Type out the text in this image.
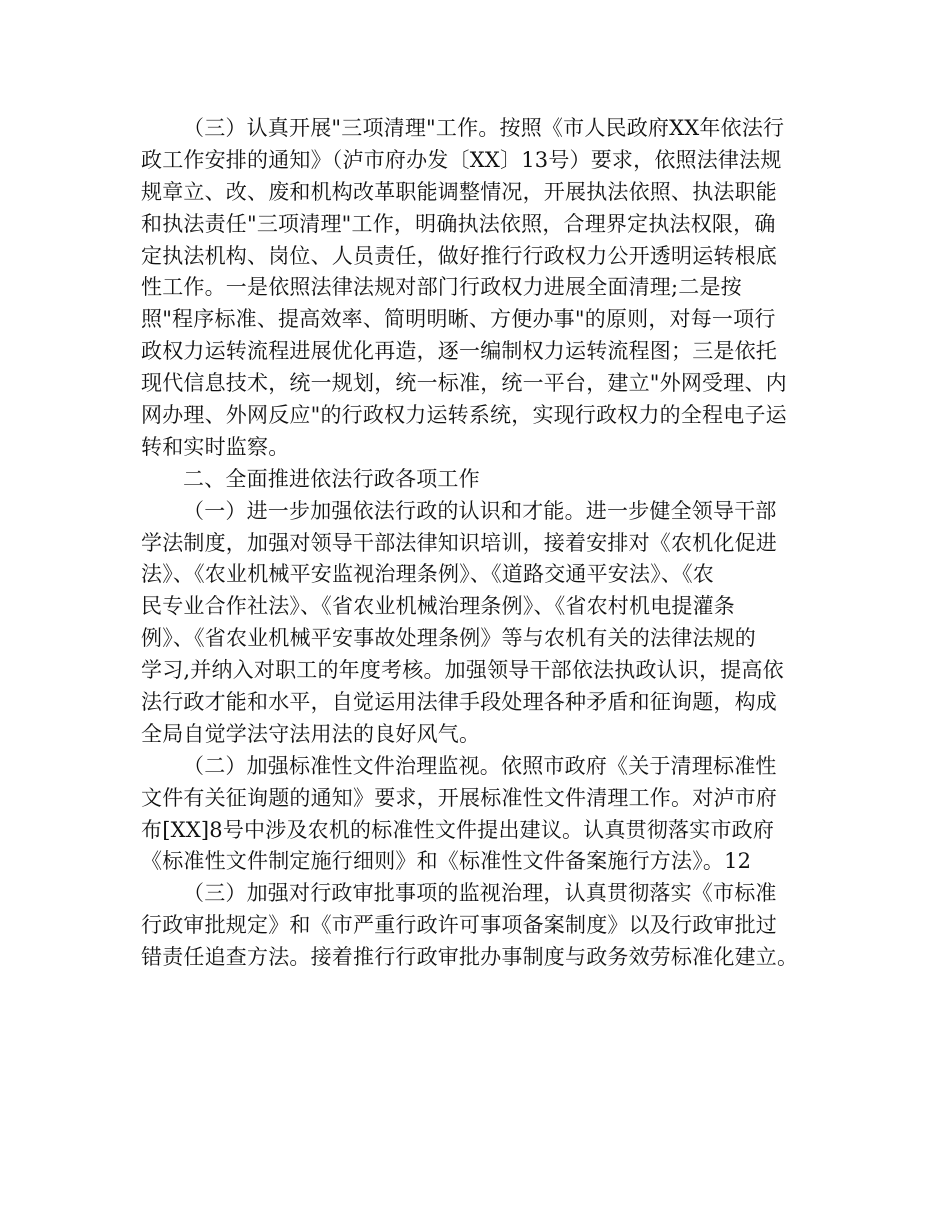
（三）认真开展"三项清理"工作。按照《市人民政府XX年依法行
政工作安排的通知》（泸市府办发〔XX〕13号）要求，依照法律法规
规章立、改、废和机构改革职能调整情况，开展执法依照、执法职能
和执法责任"三项清理"工作，明确执法依照，合理界定执法权限，确
定执法机构、岗位、人员责任，做好推行行政权力公开透明运转根底
性工作。一是依照法律法规对部门行政权力进展全面清理;二是按
照"程序标准、提高效率、简明明晰、方便办事"的原则，对每一项行
政权力运转流程进展优化再造，逐一编制权力运转流程图；三是依托
现代信息技术，统一规划，统一标准，统一平台，建立"外网受理、内
网办理、外网反应"的行政权力运转系统，实现行政权力的全程电子运
转和实时监察。
二、全面推进依法行政各项工作
（一）进一步加强依法行政的认识和才能。进一步健全领导干部
学法制度，加强对领导干部法律知识培训，接着安排对《农机化促进
法》、《农业机械平安监视治理条例》、《道路交通平安法》、《农
民专业合作社法》、《省农业机械治理条例》、《省农村机电提灌条
例》、《省农业机械平安事故处理条例》等与农机有关的法律法规的
学习,并纳入对职工的年度考核。加强领导干部依法执政认识，提高依
法行政才能和水平，自觉运用法律手段处理各种矛盾和征询题，构成
全局自觉学法守法用法的良好风气。
（二）加强标准性文件治理监视。依照市政府《关于清理标准性
文件有关征询题的通知》要求，开展标准性文件清理工作。对泸市府
布[XX]8号中涉及农机的标准性文件提出建议。认真贯彻落实市政府
《标准性文件制定施行细则》和《标准性文件备案施行方法》。12
（三）加强对行政审批事项的监视治理，认真贯彻落实《市标准
行政审批规定》和《市严重行政许可事项备案制度》以及行政审批过
错责任追查方法。接着推行行政审批办事制度与政务效劳标准化建立。
